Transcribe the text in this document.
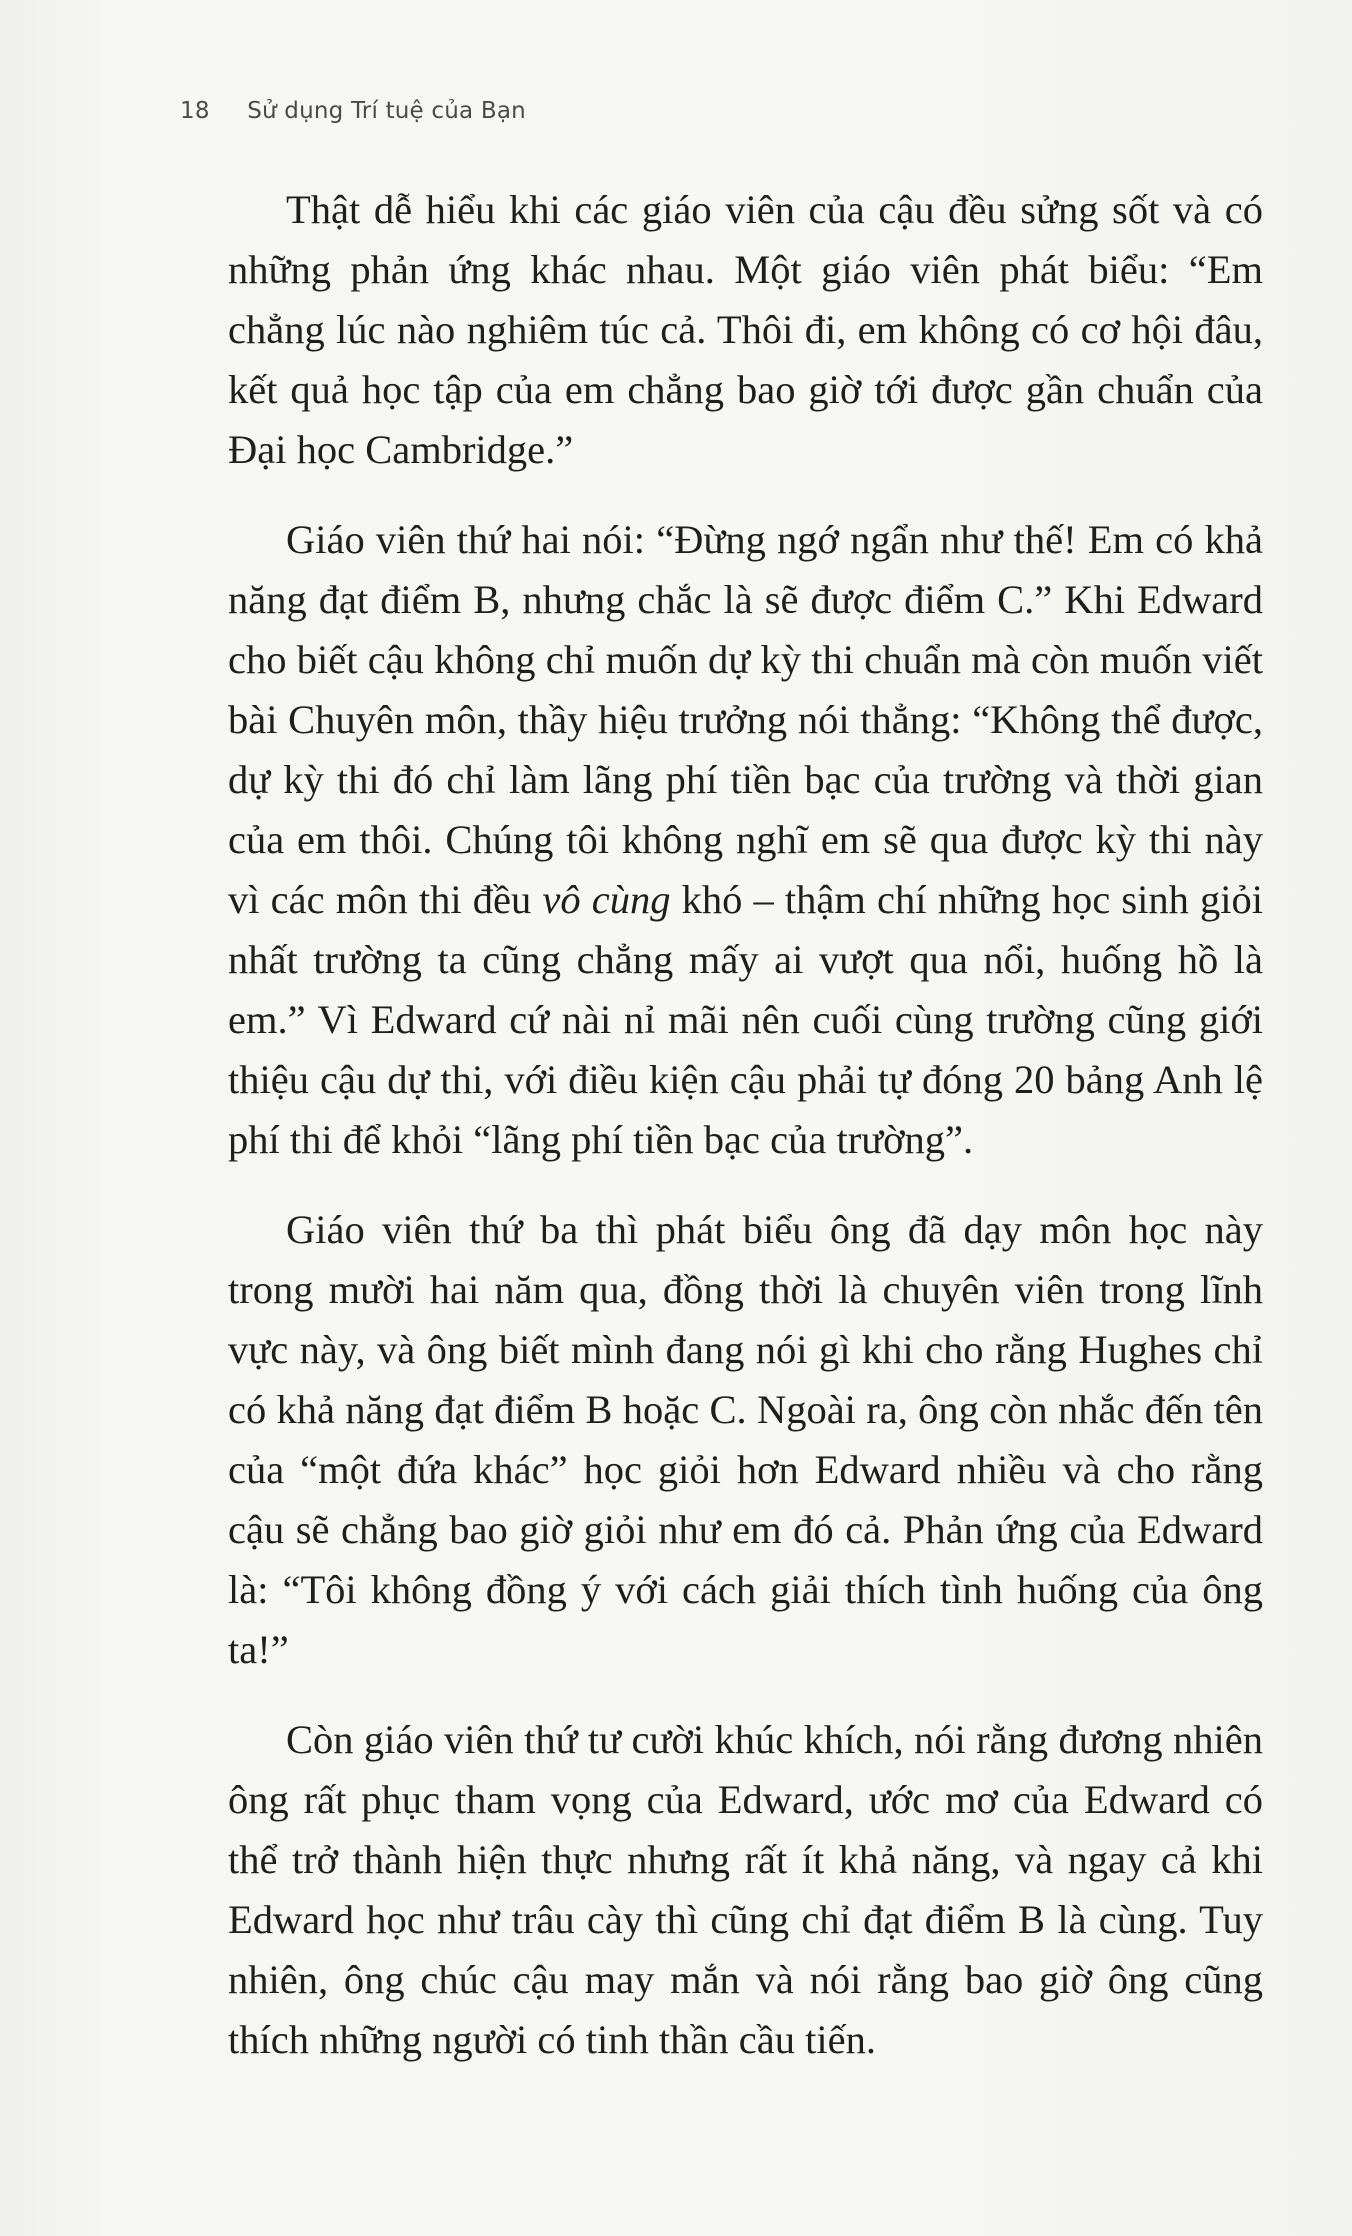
18 Sử dụng Trí tuệ của Bạn

Thật dễ hiểu khi các giáo viên của cậu đều sửng sốt và có những phản ứng khác nhau. Một giáo viên phát biểu: “Em chẳng lúc nào nghiêm túc cả. Thôi đi, em không có cơ hội đâu, kết quả học tập của em chẳng bao giờ tới được gần chuẩn của Đại học Cambridge.”

Giáo viên thứ hai nói: “Đừng ngớ ngẩn như thế! Em có khả năng đạt điểm B, nhưng chắc là sẽ được điểm C.” Khi Edward cho biết cậu không chỉ muốn dự kỳ thi chuẩn mà còn muốn viết bài Chuyên môn, thầy hiệu trưởng nói thẳng: “Không thể được, dự kỳ thi đó chỉ làm lãng phí tiền bạc của trường và thời gian của em thôi. Chúng tôi không nghĩ em sẽ qua được kỳ thi này vì các môn thi đều vô cùng khó – thậm chí những học sinh giỏi nhất trường ta cũng chẳng mấy ai vượt qua nổi, huống hồ là em.” Vì Edward cứ nài nỉ mãi nên cuối cùng trường cũng giới thiệu cậu dự thi, với điều kiện cậu phải tự đóng 20 bảng Anh lệ phí thi để khỏi “lãng phí tiền bạc của trường”.

Giáo viên thứ ba thì phát biểu ông đã dạy môn học này trong mười hai năm qua, đồng thời là chuyên viên trong lĩnh vực này, và ông biết mình đang nói gì khi cho rằng Hughes chỉ có khả năng đạt điểm B hoặc C. Ngoài ra, ông còn nhắc đến tên của “một đứa khác” học giỏi hơn Edward nhiều và cho rằng cậu sẽ chẳng bao giờ giỏi như em đó cả. Phản ứng của Edward là: “Tôi không đồng ý với cách giải thích tình huống của ông ta!”

Còn giáo viên thứ tư cười khúc khích, nói rằng đương nhiên ông rất phục tham vọng của Edward, ước mơ của Edward có thể trở thành hiện thực nhưng rất ít khả năng, và ngay cả khi Edward học như trâu cày thì cũng chỉ đạt điểm B là cùng. Tuy nhiên, ông chúc cậu may mắn và nói rằng bao giờ ông cũng thích những người có tinh thần cầu tiến.
